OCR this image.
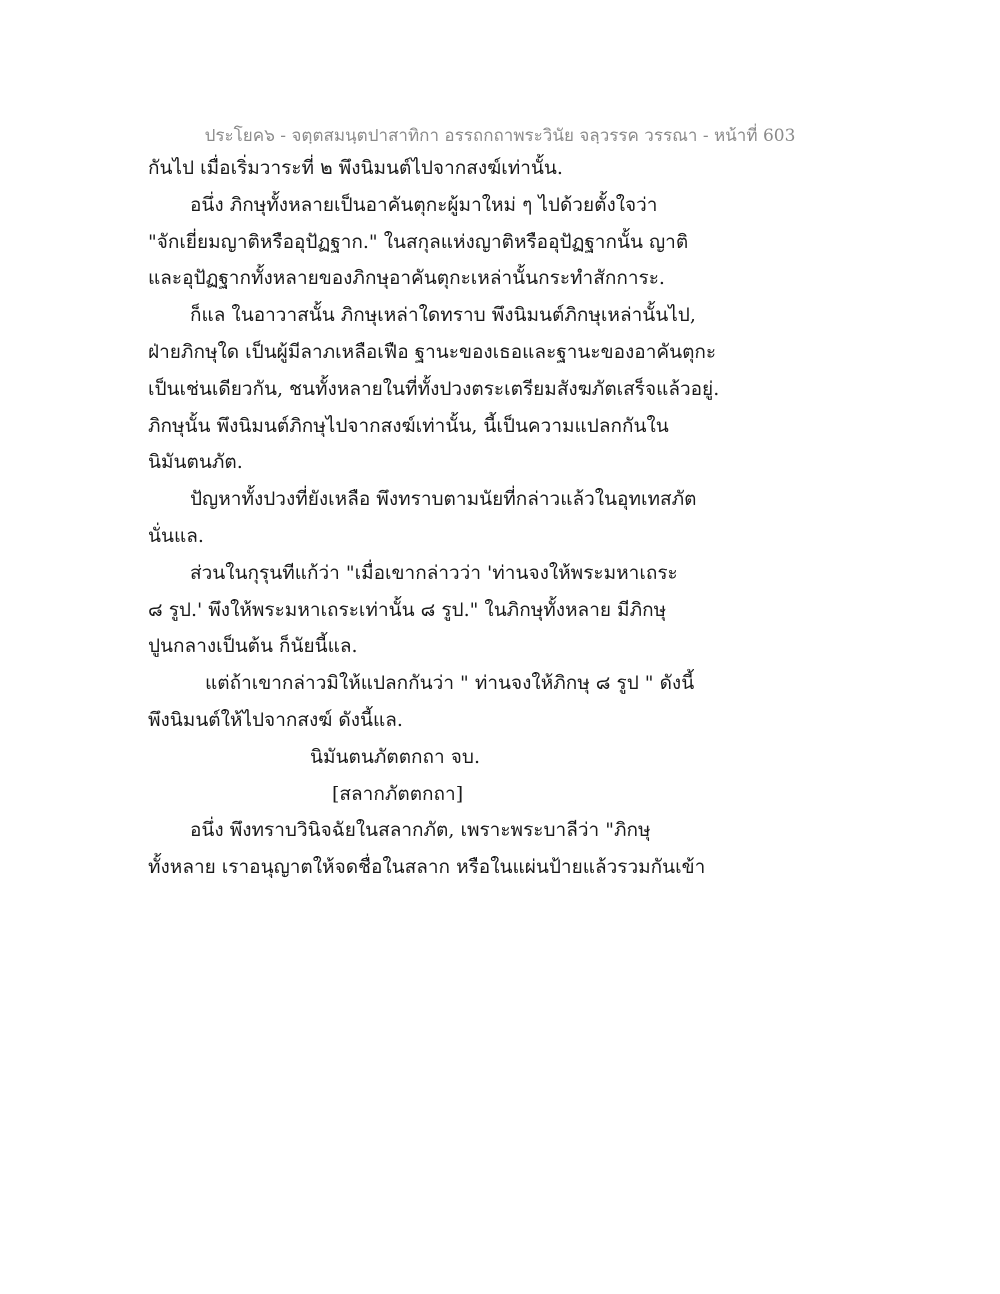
ประโยค๖ - จตฺตสมนฺตปาสาทิกา อรรถกถาพระวินัย จลฺวรรค วรรณา - หน้าที่ 603
กันไป เมื่อเริ่มวาระที่ ๒ พึงนิมนต์ไปจากสงฆ์เท่านั้น.
อนึ่ง ภิกษุทั้งหลายเป็นอาคันตุกะผู้มาใหม่ ๆ ไปด้วยตั้งใจว่า
"จักเยี่ยมญาติหรืออุปัฏฐาก." ในสกุลแห่งญาติหรืออุปัฏฐากนั้น ญาติ
และอุปัฏฐากทั้งหลายของภิกษุอาคันตุกะเหล่านั้นกระทำสักการะ.
ก็แล ในอาวาสนั้น ภิกษุเหล่าใดทราบ พึงนิมนต์ภิกษุเหล่านั้นไป,
ฝ่ายภิกษุใด เป็นผู้มีลาภเหลือเฟือ ฐานะของเธอและฐานะของอาคันตุกะ
เป็นเช่นเดียวกัน, ชนทั้งหลายในที่ทั้งปวงตระเตรียมสังฆภัตเสร็จแล้วอยู่.
ภิกษุนั้น พึงนิมนต์ภิกษุไปจากสงฆ์เท่านั้น, นี้เป็นความแปลกกันใน
นิมันตนภัต.
ปัญหาทั้งปวงที่ยังเหลือ พึงทราบตามนัยที่กล่าวแล้วในอุทเทสภัต
นั่นแล.
ส่วนในกุรุนทีแก้ว่า "เมื่อเขากล่าวว่า 'ท่านจงให้พระมหาเถระ
๘ รูป.' พึงให้พระมหาเถระเท่านั้น ๘ รูป." ในภิกษุทั้งหลาย มีภิกษุ
ปูนกลางเป็นต้น ก็นัยนี้แล.
แต่ถ้าเขากล่าวมิให้แปลกกันว่า " ท่านจงให้ภิกษุ ๘ รูป " ดังนี้
พึงนิมนต์ให้ไปจากสงฆ์ ดังนี้แล.
นิมันตนภัตตกถา จบ.
[สลากภัตตกถา]
อนึ่ง พึงทราบวินิจฉัยในสลากภัต, เพราะพระบาลีว่า "ภิกษุ
ทั้งหลาย เราอนุญาตให้จดชื่อในสลาก หรือในแผ่นป้ายแล้วรวมกันเข้า
